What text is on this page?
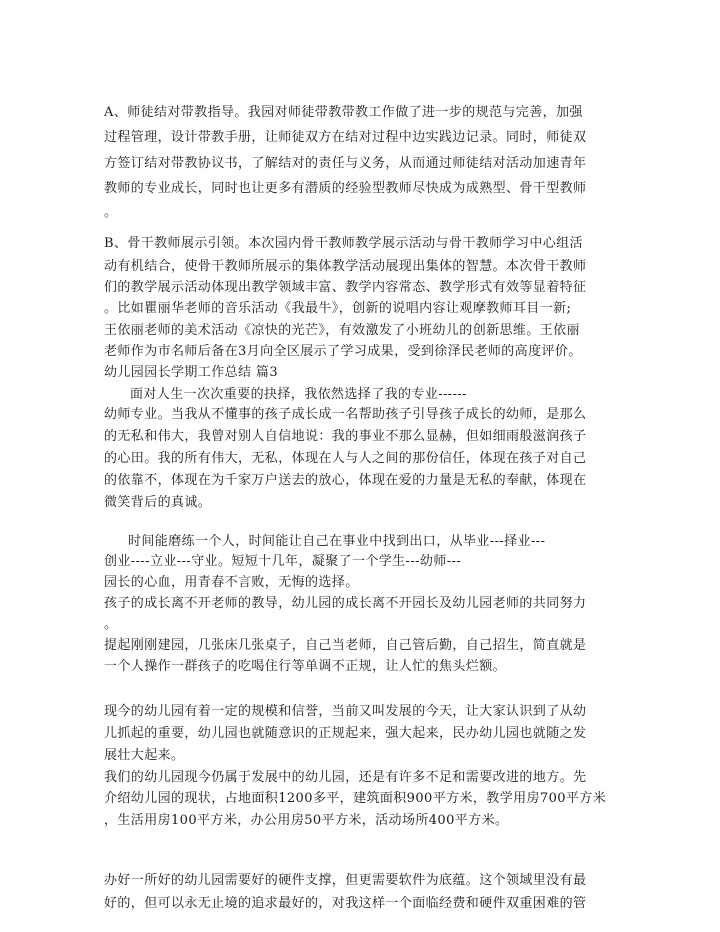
A、师徒结对带教指导。我园对师徒带教带教工作做了进一步的规范与完善，加强

过程管理，设计带教手册，让师徒双方在结对过程中边实践边记录。同时，师徒双

方签订结对带教协议书，了解结对的责任与义务，从而通过师徒结对活动加速青年

教师的专业成长，同时也让更多有潜质的经验型教师尽快成为成熟型、骨干型教师

。

B、骨干教师展示引领。本次园内骨干教师教学展示活动与骨干教师学习中心组活

动有机结合，使骨干教师所展示的集体教学活动展现出集体的智慧。本次骨干教师

们的教学展示活动体现出教学领域丰富、教学内容常态、教学形式有效等显着特征

。比如瞿丽华老师的音乐活动《我最牛》，创新的说唱内容让观摩教师耳目一新;

王依丽老师的美术活动《凉快的光芒》，有效激发了小班幼儿的创新思维。王依丽

老师作为市名师后备在3月向全区展示了学习成果，受到徐泽民老师的高度评价。

幼儿园园长学期工作总结 篇3

面对人生一次次重要的抉择，我依然选择了我的专业------

幼师专业。当我从不懂事的孩子成长成一名帮助孩子引导孩子成长的幼师，是那么

的无私和伟大，我曾对别人自信地说：我的事业不那么显赫，但如细雨般滋润孩子

的心田。我的所有伟大，无私，体现在人与人之间的那份信任，体现在孩子对自己

的依靠不，体现在为千家万户送去的放心，体现在爱的力量是无私的奉献，体现在

微笑背后的真诚。

时间能磨练一个人，时间能让自己在事业中找到出口，从毕业---择业---

创业----立业---守业。短短十几年，凝聚了一个学生---幼师---

园长的心血，用青春不言败，无悔的选择。

孩子的成长离不开老师的教导，幼儿园的成长离不开园长及幼儿园老师的共同努力

。

提起刚刚建园，几张床几张桌子，自己当老师，自己管后勤，自己招生，简直就是

一个人操作一群孩子的吃喝住行等单调不正规，让人忙的焦头烂额。

现今的幼儿园有着一定的规模和信誉，当前又叫发展的今天，让大家认识到了从幼

儿抓起的重要，幼儿园也就随意识的正规起来，强大起来，民办幼儿园也就随之发

展壮大起来。

我们的幼儿园现今仍属于发展中的幼儿园，还是有许多不足和需要改进的地方。先

介绍幼儿园的现状，占地面积1200多平，建筑面积900平方米，教学用房700平方米

，生活用房100平方米，办公用房50平方米，活动场所400平方米。

办好一所好的幼儿园需要好的硬件支撑，但更需要软件为底蕴。这个领域里没有最

好的，但可以永无止境的追求最好的，对我这样一个面临经费和硬件双重困难的管
